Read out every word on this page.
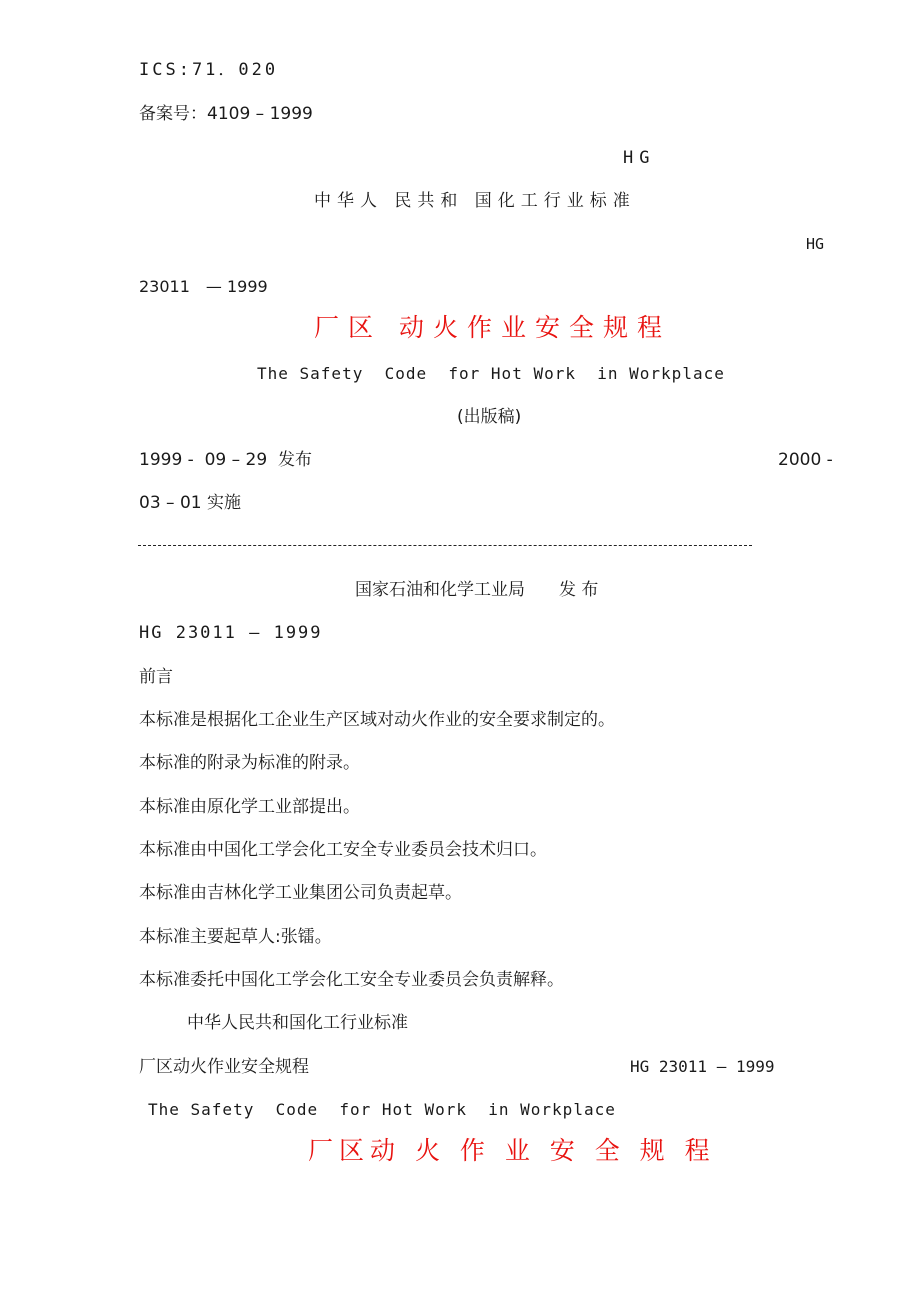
ICS:71．020
备案号：4109 – 1999
HG
中华人 民共和 国化工行业标准
HG
23011　— 1999
厂区 动火作业安全规程
The Safety  Code  for Hot Work  in Workplace
(出版稿)
1999 -  09 – 29  发布	2000 -
03 – 01 实施
国家石油和化学工业局　　发 布
HG 23011 — 1999
前言
本标准是根据化工企业生产区域对动火作业的安全要求制定的。
本标准的附录为标准的附录。
本标准由原化学工业部提出。
本标准由中国化工学会化工安全专业委员会技术归口。
本标准由吉林化学工业集团公司负责起草。
本标准主要起草人:张镭。
本标准委托中国化工学会化工安全专业委员会负责解释。
中华人民共和国化工行业标准
厂区动火作业安全规程	HG 23011 — 1999
The Safety  Code  for Hot Work  in Workplace
厂区动 火 作 业 安 全 规 程
